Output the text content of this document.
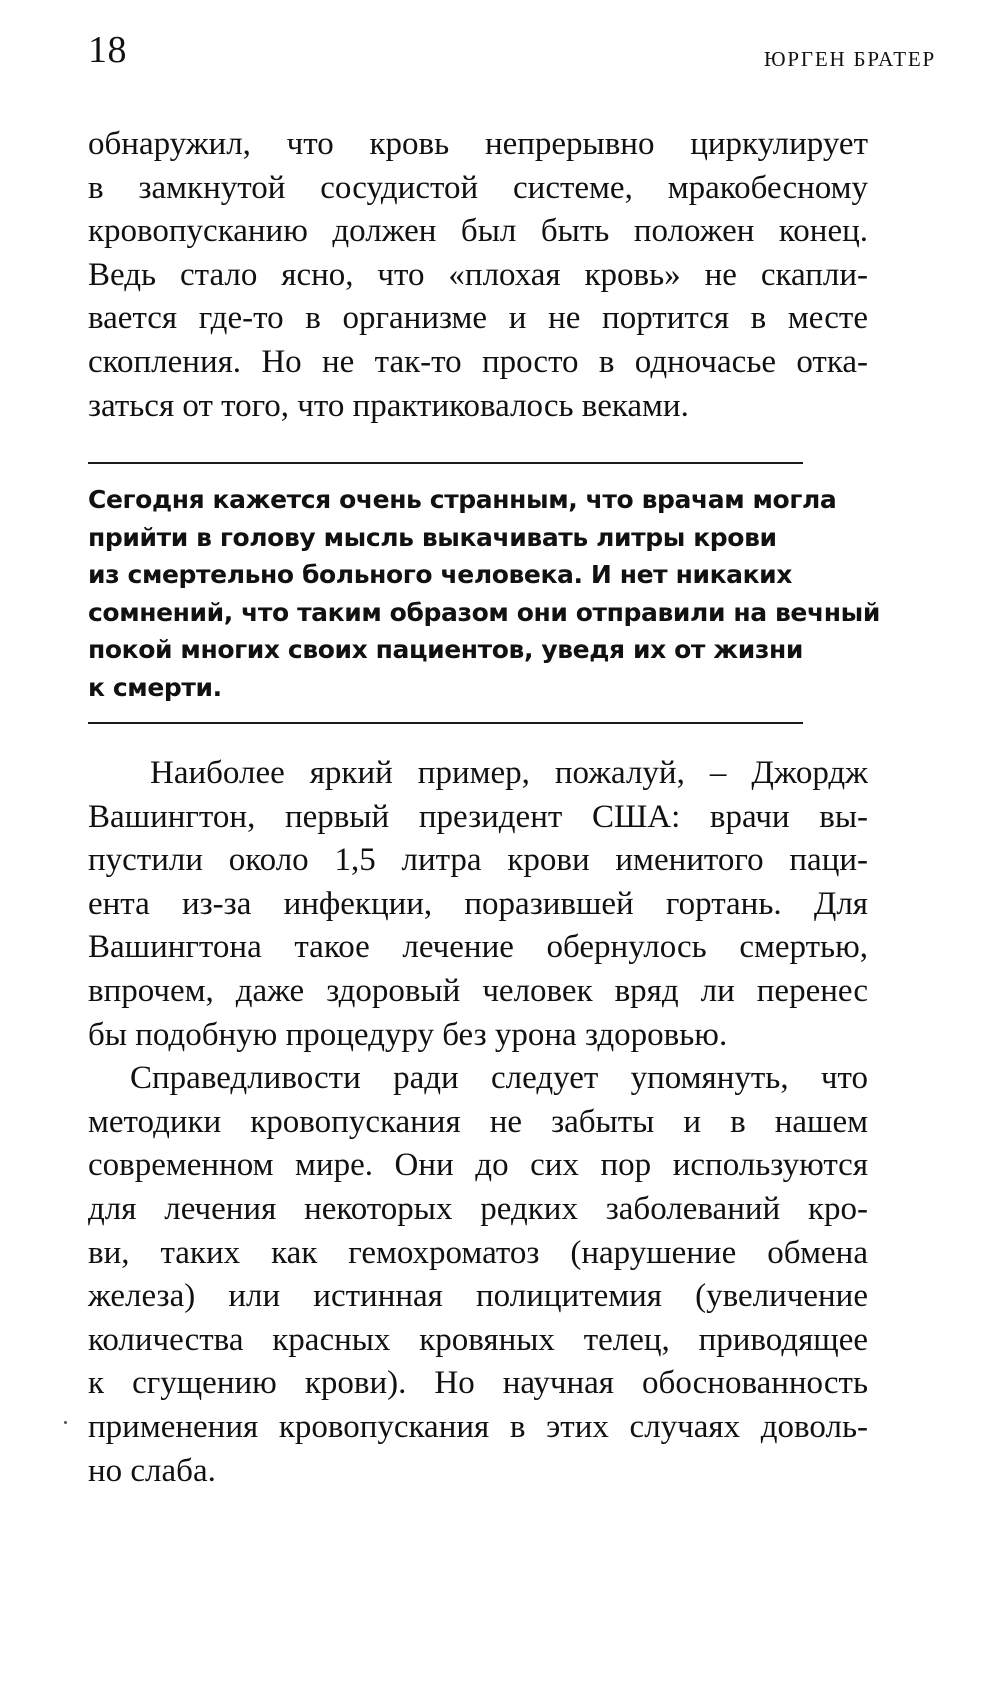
18	ЮРГЕН БРАТЕР
обнаружил, что кровь непрерывно циркулирует
в замкнутой сосудистой системе, мракобесному
кровопусканию должен был быть положен конец.
Ведь стало ясно, что «плохая кровь» не скапли-
вается где-то в организме и не портится в месте
скопления. Но не так-то просто в одночасье отка-
заться от того, что практиковалось веками.
Сегодня кажется очень странным, что врачам могла
прийти в голову мысль выкачивать литры крови
из смертельно больного человека. И нет никаких
сомнений, что таким образом они отправили на вечный
покой многих своих пациентов, уведя их от жизни
к смерти.
Наиболее яркий пример, пожалуй, – Джордж
Вашингтон, первый президент США: врачи вы-
пустили около 1,5 литра крови именитого паци-
ента из-за инфекции, поразившей гортань. Для
Вашингтона такое лечение обернулось смертью,
впрочем, даже здоровый человек вряд ли перенес
бы подобную процедуру без урона здоровью.
Справедливости ради следует упомянуть, что
методики кровопускания не забыты и в нашем
современном мире. Они до сих пор используются
для лечения некоторых редких заболеваний кро-
ви, таких как гемохроматоз (нарушение обмена
железа) или истинная полицитемия (увеличение
количества красных кровяных телец, приводящее
к сгущению крови). Но научная обоснованность
применения кровопускания в этих случаях доволь-
но слаба.
